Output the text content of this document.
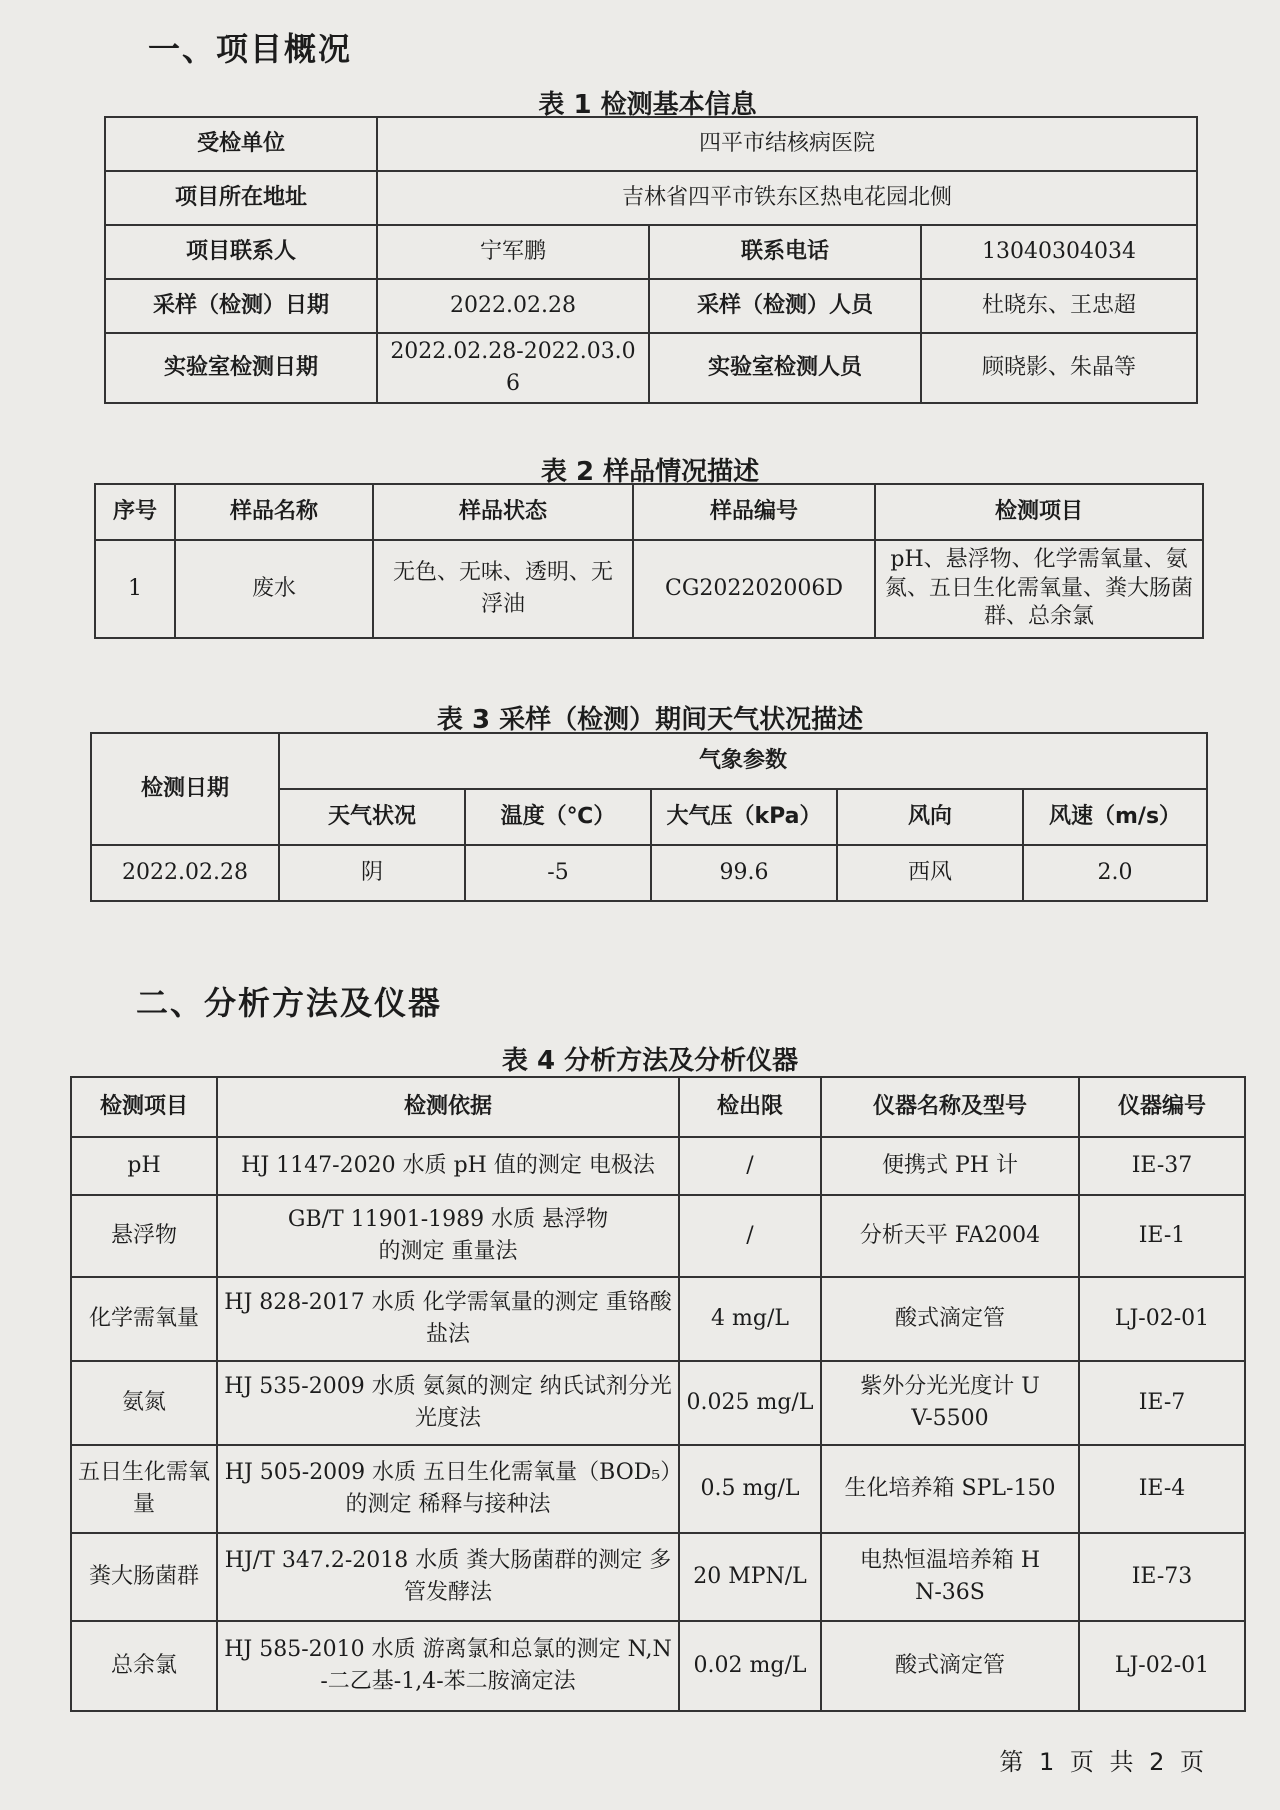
一、项目概况
表 1 检测基本信息
受检单位	四平市结核病医院		
项目所在地址	吉林省四平市铁东区热电花园北侧		
项目联系人	宁军鹏	联系电话	13040304034
采样（检测）日期	2022.02.28	采样（检测）人员	杜晓东、王忠超
实验室检测日期	2022.02.28-2022.03.06	实验室检测人员	顾晓影、朱晶等
表 2 样品情况描述
序号	样品名称	样品状态	样品编号	检测项目
1	废水	无色、无味、透明、无浮油	CG202202006D	pH、悬浮物、化学需氧量、氨氮、五日生化需氧量、粪大肠菌群、总余氯
表 3 采样（检测）期间天气状况描述
检测日期	气象参数				
	天气状况	温度（℃）	大气压（kPa）	风向	风速（m/s）
2022.02.28	阴	-5	99.6	西风	2.0
二、分析方法及仪器
表 4 分析方法及分析仪器
检测项目	检测依据	检出限	仪器名称及型号	仪器编号
pH	HJ 1147-2020 水质 pH 值的测定 电极法	/	便携式 PH 计	IE-37
悬浮物	GB/T 11901-1989 水质 悬浮物的测定 重量法	/	分析天平 FA2004	IE-1
化学需氧量	HJ 828-2017 水质 化学需氧量的测定 重铬酸盐法	4 mg/L	酸式滴定管	LJ-02-01
氨氮	HJ 535-2009 水质 氨氮的测定 纳氏试剂分光光度法	0.025 mg/L	紫外分光光度计 UV-5500	IE-7
五日生化需氧量	HJ 505-2009 水质 五日生化需氧量（BOD₅）的测定 稀释与接种法	0.5 mg/L	生化培养箱 SPL-150	IE-4
粪大肠菌群	HJ/T 347.2-2018 水质 粪大肠菌群的测定 多管发酵法	20 MPN/L	电热恒温培养箱 HN-36S	IE-73
总余氯	HJ 585-2010 水质 游离氯和总氯的测定 N,N-二乙基-1,4-苯二胺滴定法	0.02 mg/L	酸式滴定管	LJ-02-01
第 1 页 共 2 页
